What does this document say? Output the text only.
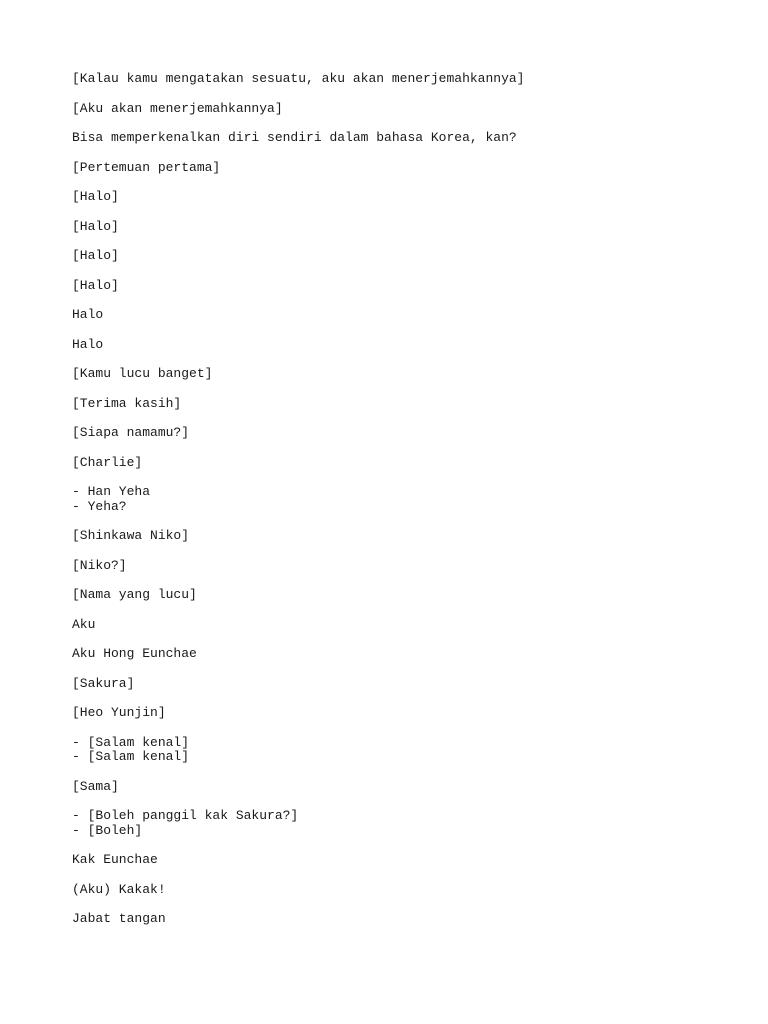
[Kalau kamu mengatakan sesuatu, aku akan menerjemahkannya]
[Aku akan menerjemahkannya]
Bisa memperkenalkan diri sendiri dalam bahasa Korea, kan?
[Pertemuan pertama]
[Halo]
[Halo]
[Halo]
[Halo]
Halo
Halo
[Kamu lucu banget]
[Terima kasih]
[Siapa namamu?]
[Charlie]
- Han Yeha
- Yeha?
[Shinkawa Niko]
[Niko?]
[Nama yang lucu]
Aku
Aku Hong Eunchae
[Sakura]
[Heo Yunjin]
- [Salam kenal]
- [Salam kenal]
[Sama]
- [Boleh panggil kak Sakura?]
- [Boleh]
Kak Eunchae
(Aku) Kakak!
Jabat tangan
